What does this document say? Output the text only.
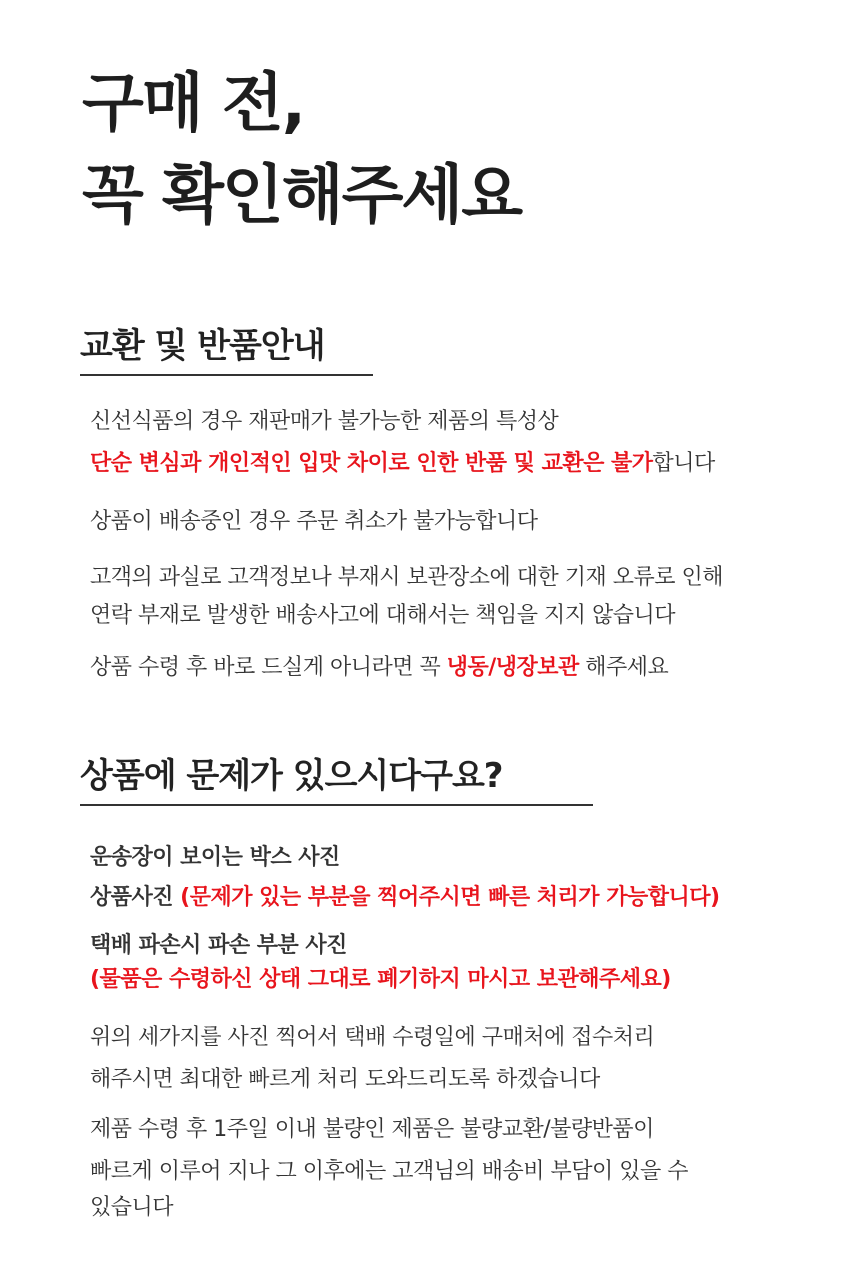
구매 전,
꼭 확인해주세요
교환 및 반품안내
신선식품의 경우 재판매가 불가능한 제품의 특성상
단순 변심과 개인적인 입맛 차이로 인한 반품 및 교환은 불가합니다
상품이 배송중인 경우 주문 취소가 불가능합니다
고객의 과실로 고객정보나 부재시 보관장소에 대한 기재 오류로 인해
연락 부재로 발생한 배송사고에 대해서는 책임을 지지 않습니다
상품 수령 후 바로 드실게 아니라면 꼭 냉동/냉장보관 해주세요
상품에 문제가 있으시다구요?
운송장이 보이는 박스 사진
상품사진 (문제가 있는 부분을 찍어주시면 빠른 처리가 가능합니다)
택배 파손시 파손 부분 사진
(물품은 수령하신 상태 그대로 폐기하지 마시고 보관해주세요)
위의 세가지를 사진 찍어서 택배 수령일에 구매처에 접수처리
해주시면 최대한 빠르게 처리 도와드리도록 하겠습니다
제품 수령 후 1주일 이내 불량인 제품은 불량교환/불량반품이
빠르게 이루어 지나 그 이후에는 고객님의 배송비 부담이 있을 수
있습니다
